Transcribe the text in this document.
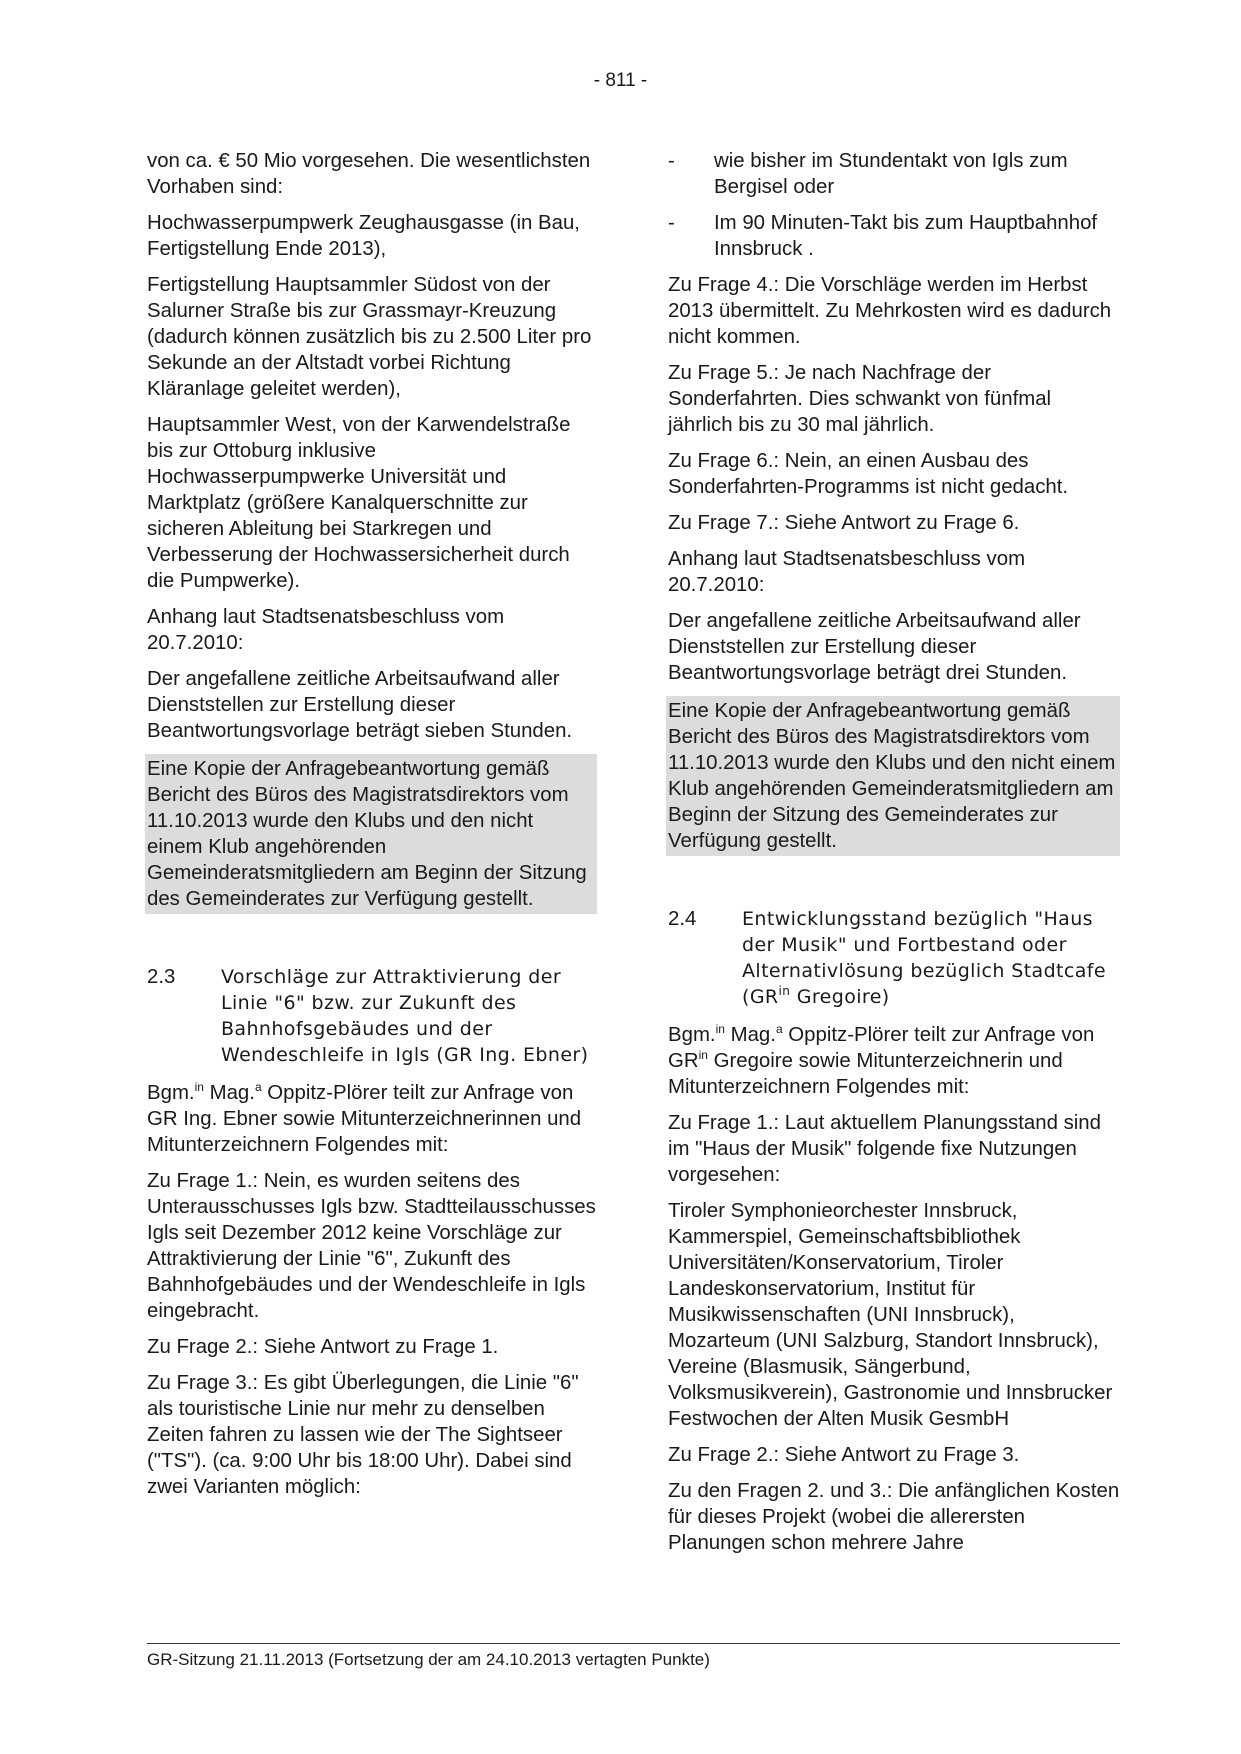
- 811 -

von ca. € 50 Mio vorgesehen. Die wesentlichsten Vorhaben sind:

Hochwasserpumpwerk Zeughausgasse (in Bau, Fertigstellung Ende 2013),

Fertigstellung Hauptsammler Südost von der Salurner Straße bis zur Grassmayr-Kreuzung (dadurch können zusätzlich bis zu 2.500 Liter pro Sekunde an der Altstadt vorbei Richtung Kläranlage geleitet werden),

Hauptsammler West, von der Karwendelstraße bis zur Ottoburg inklusive Hochwasserpumpwerke Universität und Marktplatz (größere Kanalquerschnitte zur sicheren Ableitung bei Starkregen und Verbesserung der Hochwassersicherheit durch die Pumpwerke).

Anhang laut Stadtsenatsbeschluss vom 20.7.2010:

Der angefallene zeitliche Arbeitsaufwand aller Dienststellen zur Erstellung dieser Beantwortungsvorlage beträgt sieben Stunden.

Eine Kopie der Anfragebeantwortung gemäß Bericht des Büros des Magistratsdirektors vom 11.10.2013 wurde den Klubs und den nicht einem Klub angehörenden Gemeinderatsmitgliedern am Beginn der Sitzung des Gemeinderates zur Verfügung gestellt.

2.3	Vorschläge zur Attraktivierung der Linie "6" bzw. zur Zukunft des Bahnhofsgebäudes und der Wendeschleife in Igls (GR Ing. Ebner)

Bgm.$^{in}$ Mag.$^a$ Oppitz-Plörer teilt zur Anfrage von GR Ing. Ebner sowie Mitunterzeichnerinnen und Mitunterzeichnern Folgendes mit:

Zu Frage 1.: Nein, es wurden seitens des Unterausschusses Igls bzw. Stadtteilausschusses Igls seit Dezember 2012 keine Vorschläge zur Attraktivierung der Linie "6", Zukunft des Bahnhofgebäudes und der Wendeschleife in Igls eingebracht.

Zu Frage 2.: Siehe Antwort zu Frage 1.

Zu Frage 3.: Es gibt Überlegungen, die Linie "6" als touristische Linie nur mehr zu denselben Zeiten fahren zu lassen wie der The Sightseer ("TS"). (ca. 9:00 Uhr bis 18:00 Uhr). Dabei sind zwei Varianten möglich:

-	wie bisher im Stundentakt von Igls zum Bergisel oder
-	Im 90 Minuten-Takt bis zum Hauptbahnhof Innsbruck .

Zu Frage 4.: Die Vorschläge werden im Herbst 2013 übermittelt. Zu Mehrkosten wird es dadurch nicht kommen.

Zu Frage 5.: Je nach Nachfrage der Sonderfahrten. Dies schwankt von fünfmal jährlich bis zu 30 mal jährlich.

Zu Frage 6.: Nein, an einen Ausbau des Sonderfahrten-Programms ist nicht gedacht.

Zu Frage 7.: Siehe Antwort zu Frage 6.

Anhang laut Stadtsenatsbeschluss vom 20.7.2010:

Der angefallene zeitliche Arbeitsaufwand aller Dienststellen zur Erstellung dieser Beantwortungsvorlage beträgt drei Stunden.

Eine Kopie der Anfragebeantwortung gemäß Bericht des Büros des Magistratsdirektors vom 11.10.2013 wurde den Klubs und den nicht einem Klub angehörenden Gemeinderatsmitgliedern am Beginn der Sitzung des Gemeinderates zur Verfügung gestellt.

2.4	Entwicklungsstand bezüglich "Haus der Musik" und Fortbestand oder Alternativlösung bezüglich Stadtcafe ($GR^{in}$ Gregoire)

Bgm.$^{in}$ Mag.$^a$ Oppitz-Plörer teilt zur Anfrage von $GR^{in}$ Gregoire sowie Mitunterzeichnerin und Mitunterzeichnern Folgendes mit:

Zu Frage 1.: Laut aktuellem Planungsstand sind im "Haus der Musik" folgende fixe Nutzungen vorgesehen:

Tiroler Symphonieorchester Innsbruck, Kammerspiel, Gemeinschaftsbibliothek Universitäten/Konservatorium, Tiroler Landeskonservatorium, Institut für Musikwissenschaften (UNI Innsbruck), Mozarteum (UNI Salzburg, Standort Innsbruck), Vereine (Blasmusik, Sängerbund, Volksmusikverein), Gastronomie und Innsbrucker Festwochen der Alten Musik GesmbH

Zu Frage 2.: Siehe Antwort zu Frage 3.

Zu den Fragen 2. und 3.: Die anfänglichen Kosten für dieses Projekt (wobei die allerersten Planungen schon mehrere Jahre

GR-Sitzung 21.11.2013 (Fortsetzung der am 24.10.2013 vertagten Punkte)
